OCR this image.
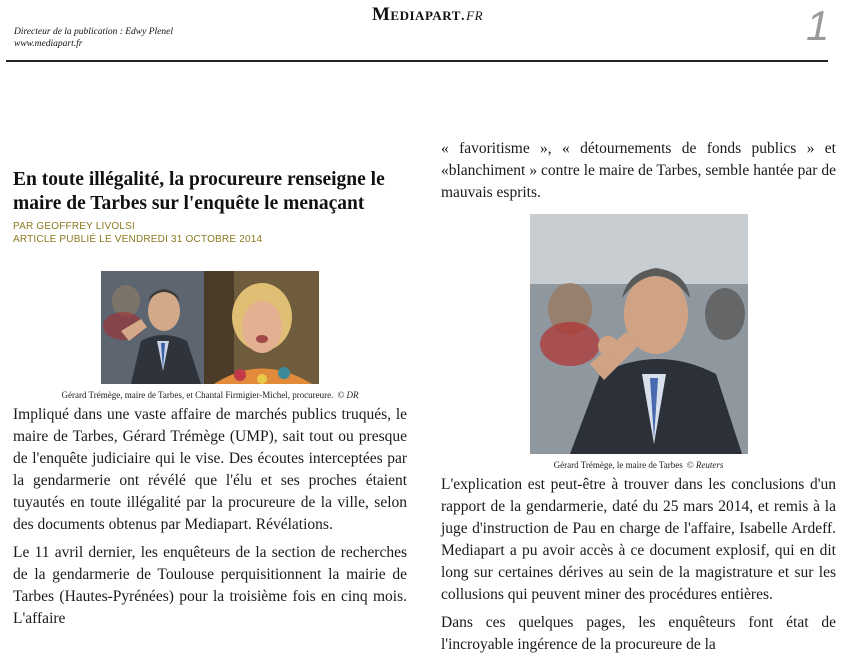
Directeur de la publication : Edwy Plenel
www.mediapart.fr
Mediapart.fr	1
En toute illégalité, la procureure renseigne le maire de Tarbes sur l'enquête le menaçant
PAR GEOFFREY LIVOLSI
ARTICLE PUBLIÉ LE VENDREDI 31 OCTOBRE 2014
Gérard Trémège, maire de Tarbes, et Chantal Firmigier-Michel, procureure. © DR

Impliqué dans une vaste affaire de marchés publics truqués, le maire de Tarbes, Gérard Trémège (UMP), sait tout ou presque de l'enquête judiciaire qui le vise. Des écoutes interceptées par la gendarmerie ont révélé que l'élu et ses proches étaient tuyautés en toute illégalité par la procureure de la ville, selon des documents obtenus par Mediapart. Révélations.

Le 11 avril dernier, les enquêteurs de la section de recherches de la gendarmerie de Toulouse perquisitionnent la mairie de Tarbes (Hautes-Pyrénées) pour la troisième fois en cinq mois. L'affaire

« favoritisme », « détournements de fonds publics » et «blanchiment » contre le maire de Tarbes, semble hantée par de mauvais esprits.

Gérard Trémège, le maire de Tarbes © Reuters

L'explication est peut-être à trouver dans les conclusions d'un rapport de la gendarmerie, daté du 25 mars 2014, et remis à la juge d'instruction de Pau en charge de l'affaire, Isabelle Ardeff. Mediapart a pu avoir accès à ce document explosif, qui en dit long sur certaines dérives au sein de la magistrature et sur les collusions qui peuvent miner des procédures entières.

Dans ces quelques pages, les enquêteurs font état de l'incroyable ingérence de la procureure de la
